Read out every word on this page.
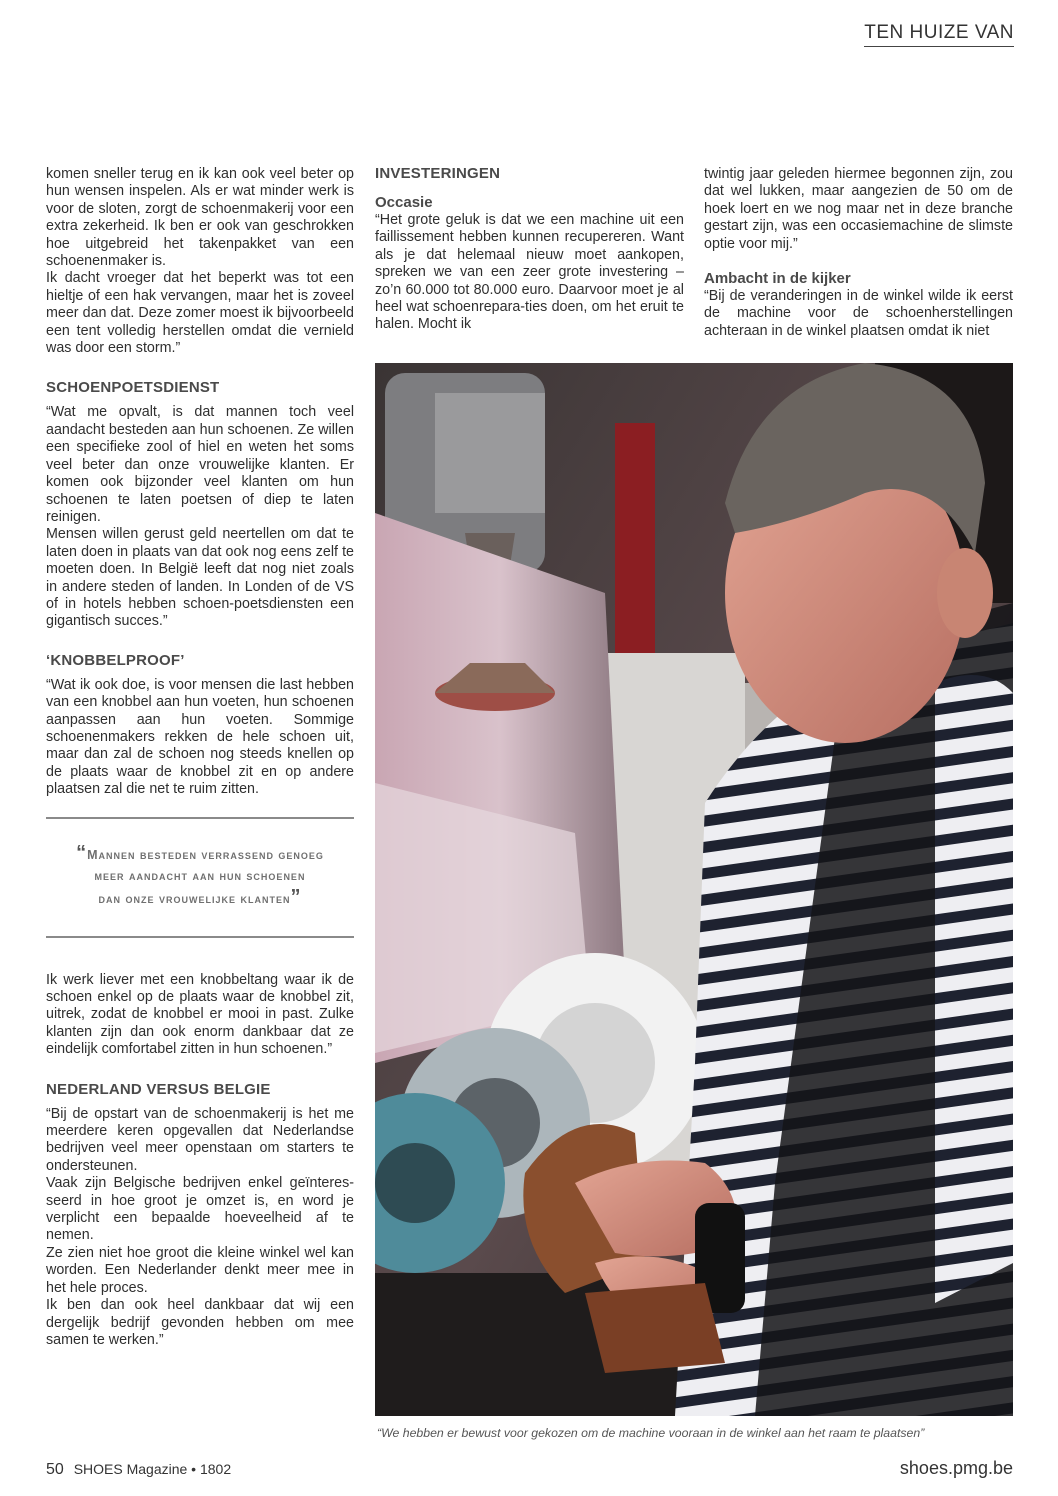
TEN HUIZE VAN

komen sneller terug en ik kan ook veel beter op hun wensen inspelen. Als er wat minder werk is voor de sloten, zorgt de schoenmakerij voor een extra zekerheid. Ik ben er ook van geschrokken hoe uitgebreid het takenpakket van een schoenenmaker is.

Ik dacht vroeger dat het beperkt was tot een hieltje of een hak vervangen, maar het is zoveel meer dan dat. Deze zomer moest ik bijvoorbeeld een tent volledig herstellen omdat die vernield was door een storm.”

SCHOENPOETSDIENST

“Wat me opvalt, is dat mannen toch veel aandacht besteden aan hun schoenen. Ze willen een specifieke zool of hiel en weten het soms veel beter dan onze vrouwelijke klanten. Er komen ook bijzonder veel klanten om hun schoenen te laten poetsen of diep te laten reinigen.

Mensen willen gerust geld neertellen om dat te laten doen in plaats van dat ook nog eens zelf te moeten doen. In België leeft dat nog niet zoals in andere steden of landen. In Londen of de VS of in hotels hebben schoen-poetsdiensten een gigantisch succes.”

‘KNOBBELPROOF’

“Wat ik ook doe, is voor mensen die last hebben van een knobbel aan hun voeten, hun schoenen aanpassen aan hun voeten. Sommige schoenenmakers rekken de hele schoen uit, maar dan zal de schoen nog steeds knellen op de plaats waar de knobbel zit en op andere plaatsen zal die net te ruim zitten.

“Mannen besteden verrassend genoeg
meer aandacht aan hun schoenen
dan onze vrouwelijke klanten”

Ik werk liever met een knobbeltang waar ik de schoen enkel op de plaats waar de knobbel zit, uitrek, zodat de knobbel er mooi in past. Zulke klanten zijn dan ook enorm dankbaar dat ze eindelijk comfortabel zitten in hun schoenen.”

NEDERLAND VERSUS BELGIE

“Bij de opstart van de schoenmakerij is het me meerdere keren opgevallen dat Nederlandse bedrijven veel meer openstaan om starters te ondersteunen.

Vaak zijn Belgische bedrijven enkel geïnteres-seerd in hoe groot je omzet is, en word je verplicht een bepaalde hoeveelheid af te nemen.

Ze zien niet hoe groot die kleine winkel wel kan worden. Een Nederlander denkt meer mee in het hele proces.

Ik ben dan ook heel dankbaar dat wij een dergelijk bedrijf gevonden hebben om mee samen te werken.”

INVESTERINGEN
Occasie

“Het grote geluk is dat we een machine uit een faillissement hebben kunnen recupereren. Want als je dat helemaal nieuw moet aankopen, spreken we van een zeer grote investering – zo’n 60.000 tot 80.000 euro. Daarvoor moet je al heel wat schoenrepara-ties doen, om het eruit te halen. Mocht ik

twintig jaar geleden hiermee begonnen zijn, zou dat wel lukken, maar aangezien de 50 om de hoek loert en we nog maar net in deze branche gestart zijn, was een occasiemachine de slimste optie voor mij.”

Ambacht in de kijker

“Bij de veranderingen in de winkel wilde ik eerst de machine voor de schoenherstellingen achteraan in de winkel plaatsen omdat ik niet

“We hebben er bewust voor gekozen om de machine vooraan in de winkel aan het raam te plaatsen”
50 SHOES Magazine • 1802	shoes.pmg.be
